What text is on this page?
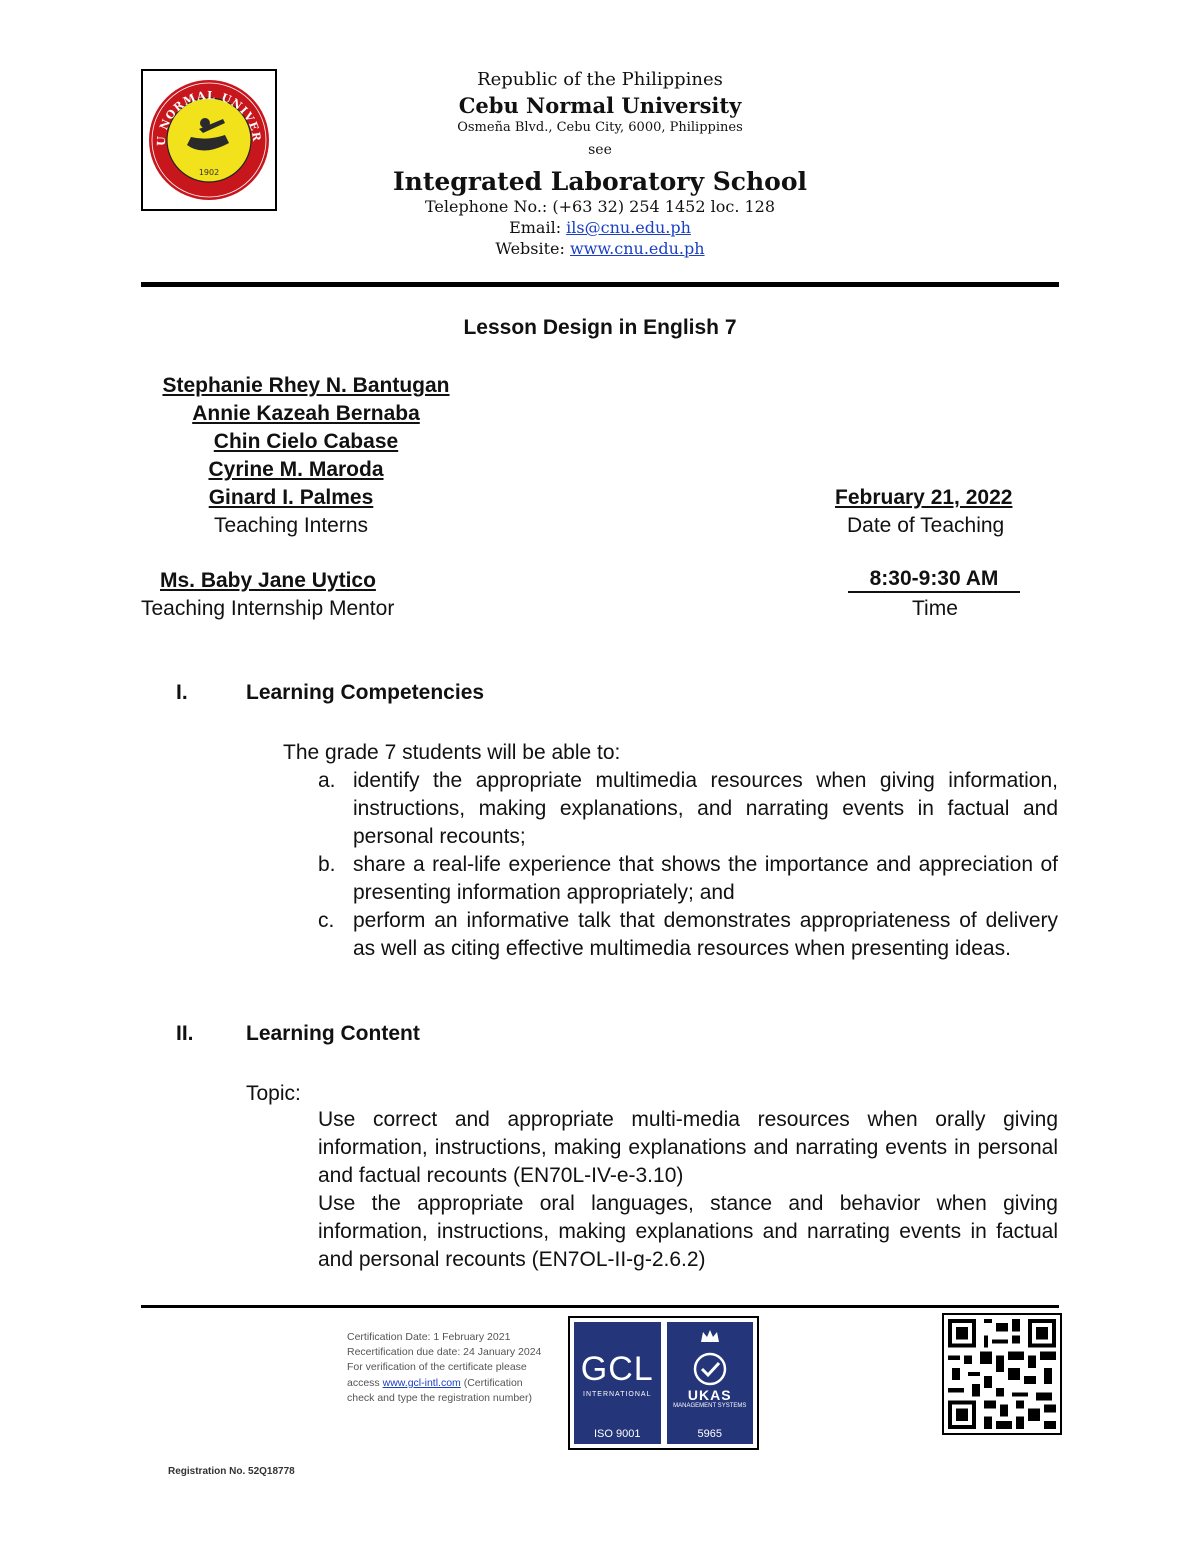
U NORMAL UNIVER
1902
Republic of the Philippines
Cebu Normal University
Osmeña Blvd., Cebu City, 6000, Philippines
see
Integrated Laboratory School
Telephone No.: (+63 32) 254 1452 loc. 128
Email: ils@cnu.edu.ph
Website: www.cnu.edu.ph
Lesson Design in English 7
Stephanie Rhey N. Bantugan
Annie Kazeah Bernaba
Chin Cielo Cabase
Cyrine M. Maroda
Ginard I. Palmes
Teaching Interns
February 21, 2022
Date of Teaching
Ms. Baby Jane Uytico
Teaching Internship Mentor
8:30-9:30 AM
Time
I.	Learning Competencies
The grade 7 students will be able to:
a. identify the appropriate multimedia resources when giving information, instructions, making explanations, and narrating events in factual and personal recounts;
b. share a real-life experience that shows the importance and appreciation of presenting information appropriately; and
c. perform an informative talk that demonstrates appropriateness of delivery as well as citing effective multimedia resources when presenting ideas.
II. Learning Content
Topic:
Use correct and appropriate multi-media resources when orally giving information, instructions, making explanations and narrating events in personal and factual recounts (EN70L-IV-e-3.10)
Use the appropriate oral languages, stance and behavior when giving information, instructions, making explanations and narrating events in factual and personal recounts (EN7OL-II-g-2.6.2)
Certification Date: 1 February 2021
Recertification due date: 24 January 2024
For verification of the certificate please
access www.gcl-intl.com (Certification
check and type the registration number)
GCL
INTERNATIONAL
ISO 9001
UKAS
MANAGEMENT SYSTEMS
5965
Registration No. 52Q18778
